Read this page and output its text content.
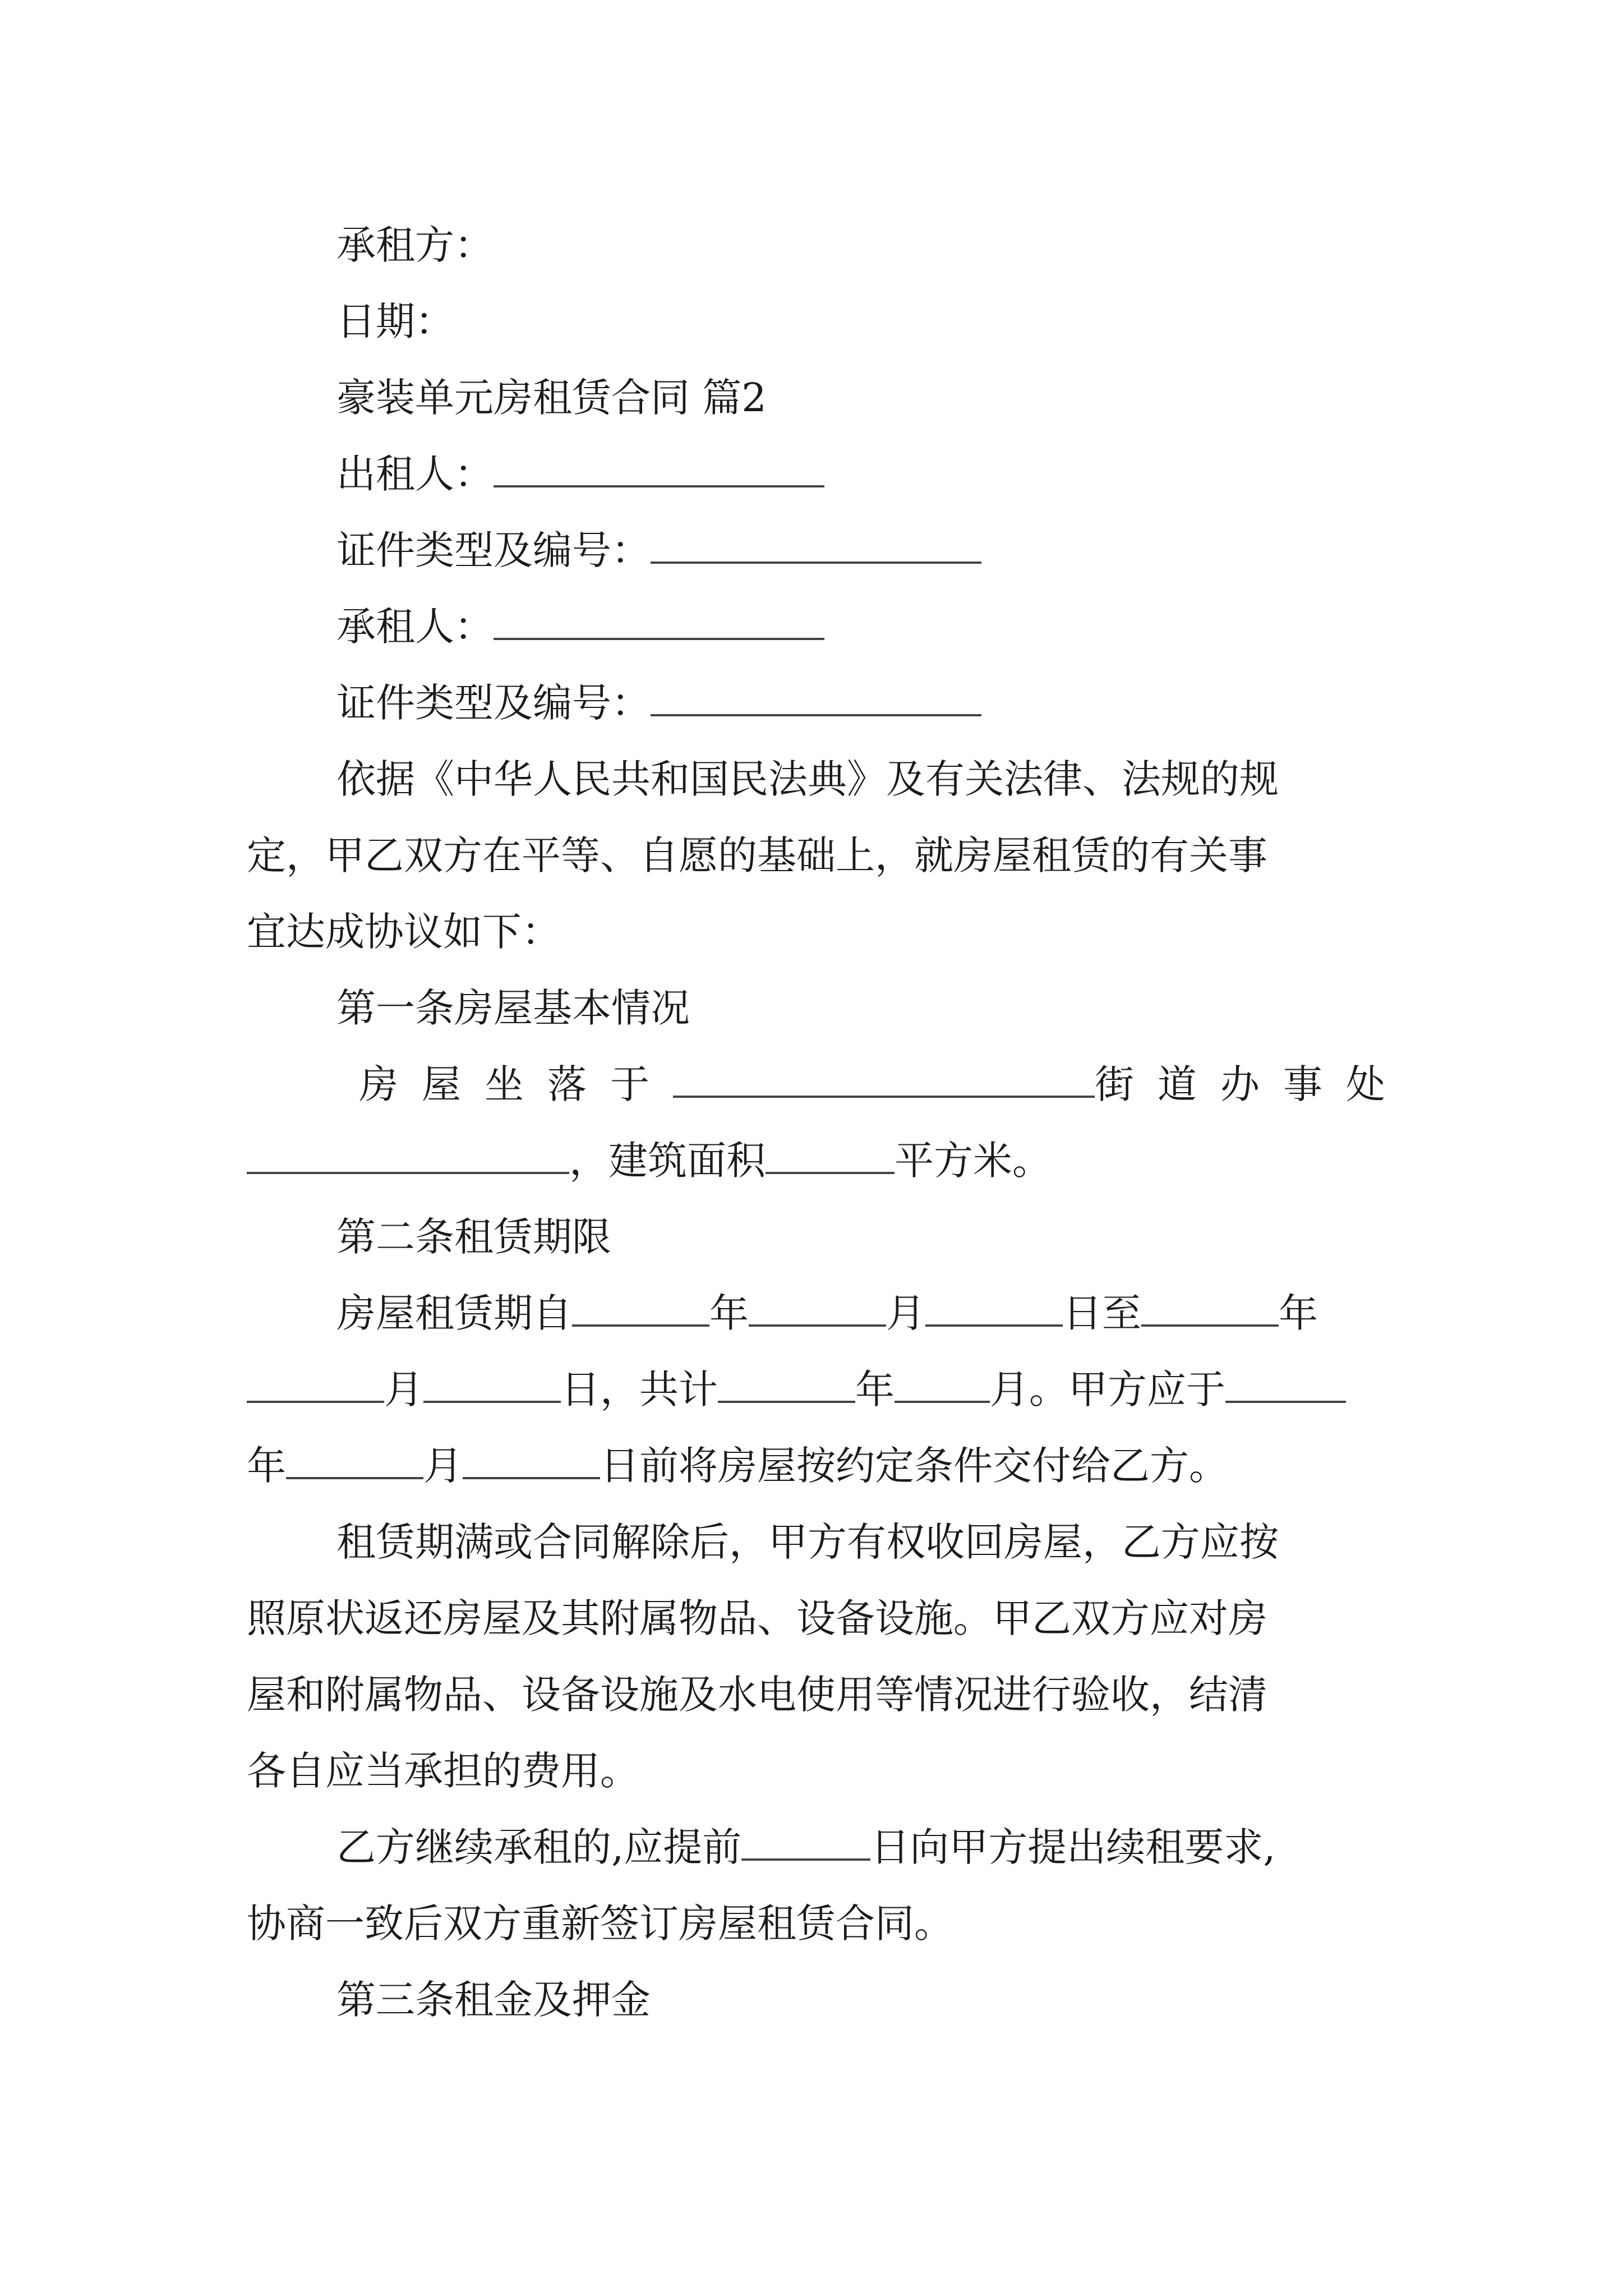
承租方：
日期：
豪装单元房租赁合同 篇2
出租人：
证件类型及编号：
承租人：
证件类型及编号：
依据《中华人民共和国民法典》及有关法律、法规的规
定，甲乙双方在平等、自愿的基础上，就房屋租赁的有关事
宜达成协议如下：
第一条房屋基本情况
房屋坐落于	街道办事处
，建筑面积	平方米。
第二条租赁期限
房屋租赁期自	年	月	日至	年
月	日，共计	年 月。甲方应于
年	月	日前将房屋按约定条件交付给乙方。
租赁期满或合同解除后，甲方有权收回房屋，乙方应按
照原状返还房屋及其附属物品、设备设施。甲乙双方应对房
屋和附属物品、设备设施及水电使用等情况进行验收，结清
各自应当承担的费用。
乙方继续承租的,应提前	日向甲方提出续租要求,
协商一致后双方重新签订房屋租赁合同。
第三条租金及押金
